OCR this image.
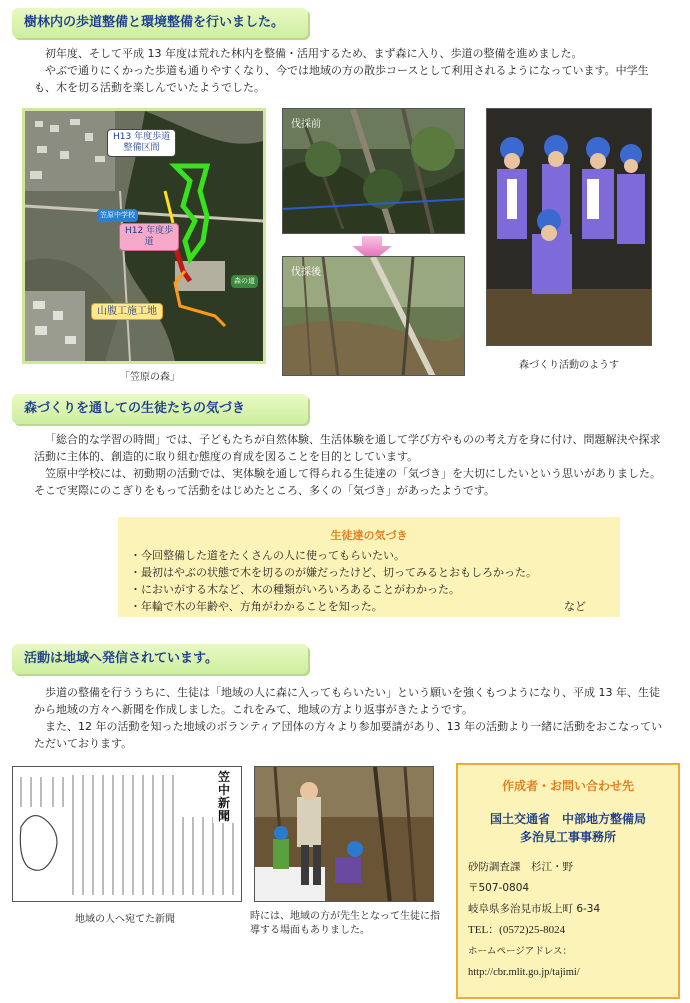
樹林内の歩道整備と環境整備を行いました。

初年度、そして平成 13 年度は荒れた林内を整備・活用するため、まず森に入り、歩道の整備を進めました。

やぶで通りにくかった歩道も通りやすくなり、今では地域の方の散歩コースとして利用されるようになっています。中学生も、木を切る活動を楽しんでいたようでした。

H13 年度歩道
整備区間
笠原中学校
H12 年度歩
道
森の道
山腹工施工地
「笠原の森」
伐採前
伐採後
森づくり活動のようす
森づくりを通しての生徒たちの気づき

「総合的な学習の時間」では、子どもたちが自然体験、生活体験を通して学び方やものの考え方を身に付け、問題解決や探求活動に主体的、創造的に取り組む態度の育成を図ることを目的としています。

笠原中学校には、初動期の活動では、実体験を通して得られる生徒達の「気づき」を大切にしたいという思いがありました。そこで実際にのこぎりをもって活動をはじめたところ、多くの「気づき」があったようです。

生徒達の気づき
・今回整備した道をたくさんの人に使ってもらいたい。
・最初はやぶの状態で木を切るのが嫌だったけど、切ってみるとおもしろかった。
・においがする木など、木の種類がいろいろあることがわかった。
・年輪で木の年齢や、方角がわかることを知った。	など
活動は地域へ発信されています。

歩道の整備を行ううちに、生徒は「地域の人に森に入ってもらいたい」という願いを強くもつようになり、平成 13 年、生徒から地域の方々へ新聞を作成しました。これをみて、地域の方より返事がきたようです。

また、12 年の活動を知った地域のボランティア団体の方々より参加要請があり、13 年の活動より一緒に活動をおこなっていただいております。

笠中新聞
地域の人へ宛てた新聞	時には、地域の方が先生となって生徒に指
導する場面もありました。
作成者・お問い合わせ先
国土交通省　中部地方整備局
多治見工事事務所
砂防調査課　杉江・野
〒507-0804
岐阜県多治見市坂上町 6-34
TEL：(0572)25-8024
ホームページアドレス：
http://cbr.mlit.go.jp/tajimi/
